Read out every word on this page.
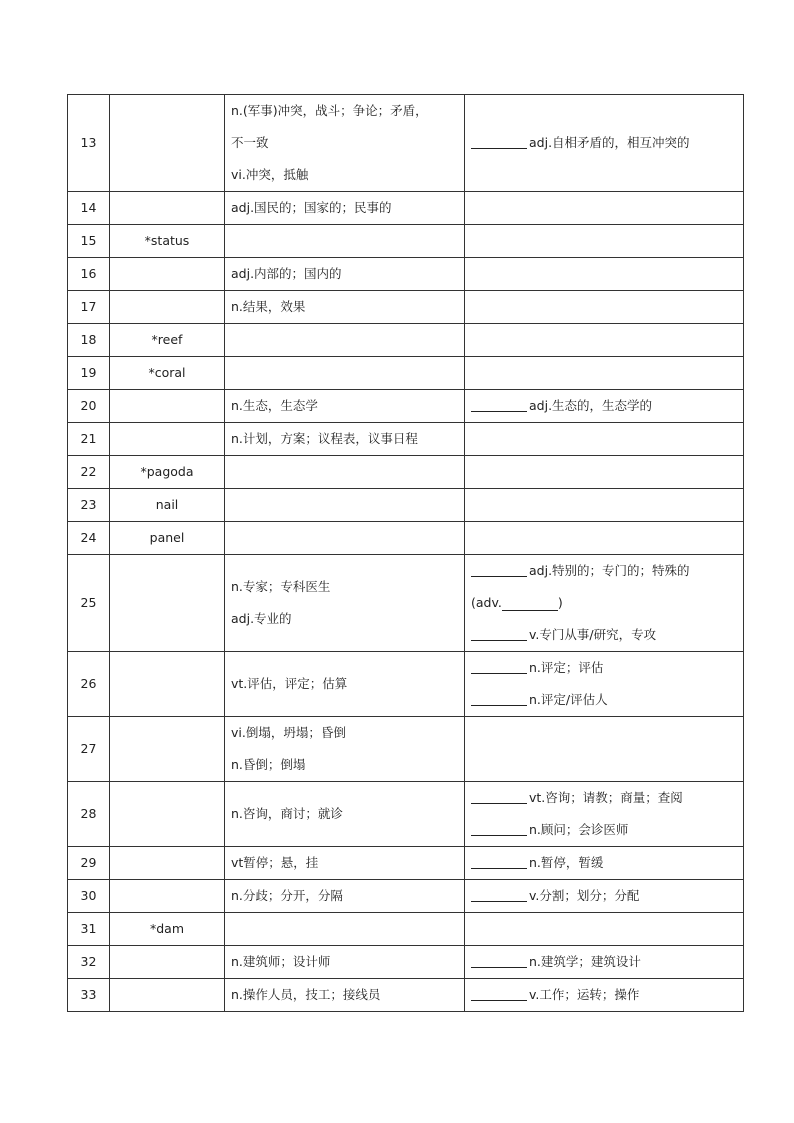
13		n.(军事)冲突，战斗；争论；矛盾，
不一致
vi.冲突，抵触	adj.自相矛盾的，相互冲突的

14		adj.国民的；国家的；民事的	

15	*status		
16		adj.内部的；国内的	

17		n.结果，效果	

18	*reef		
19	*coral		
20		n.生态，生态学	adj.生态的，生态学的

21		n.计划，方案；议程表，议事日程	

22	*pagoda		
23	nail		
24	panel		
25		n.专家；专科医生
adj.专业的	adj.特别的；专门的；特殊的
(adv. )
v.专门从事/研究，专攻

26		vt.评估，评定；估算	n.评定；评估
n.评定/评估人

27		vi.倒塌，坍塌；昏倒
n.昏倒；倒塌	

28		n.咨询，商讨；就诊	vt.咨询；请教；商量；查阅
n.顾问；会诊医师

29		vt暂停；悬，挂	n.暂停，暂缓

30		n.分歧；分开，分隔	v.分割；划分；分配

31	*dam		
32		n.建筑师；设计师	n.建筑学；建筑设计

33		n.操作人员，技工；接线员	v.工作；运转；操作
